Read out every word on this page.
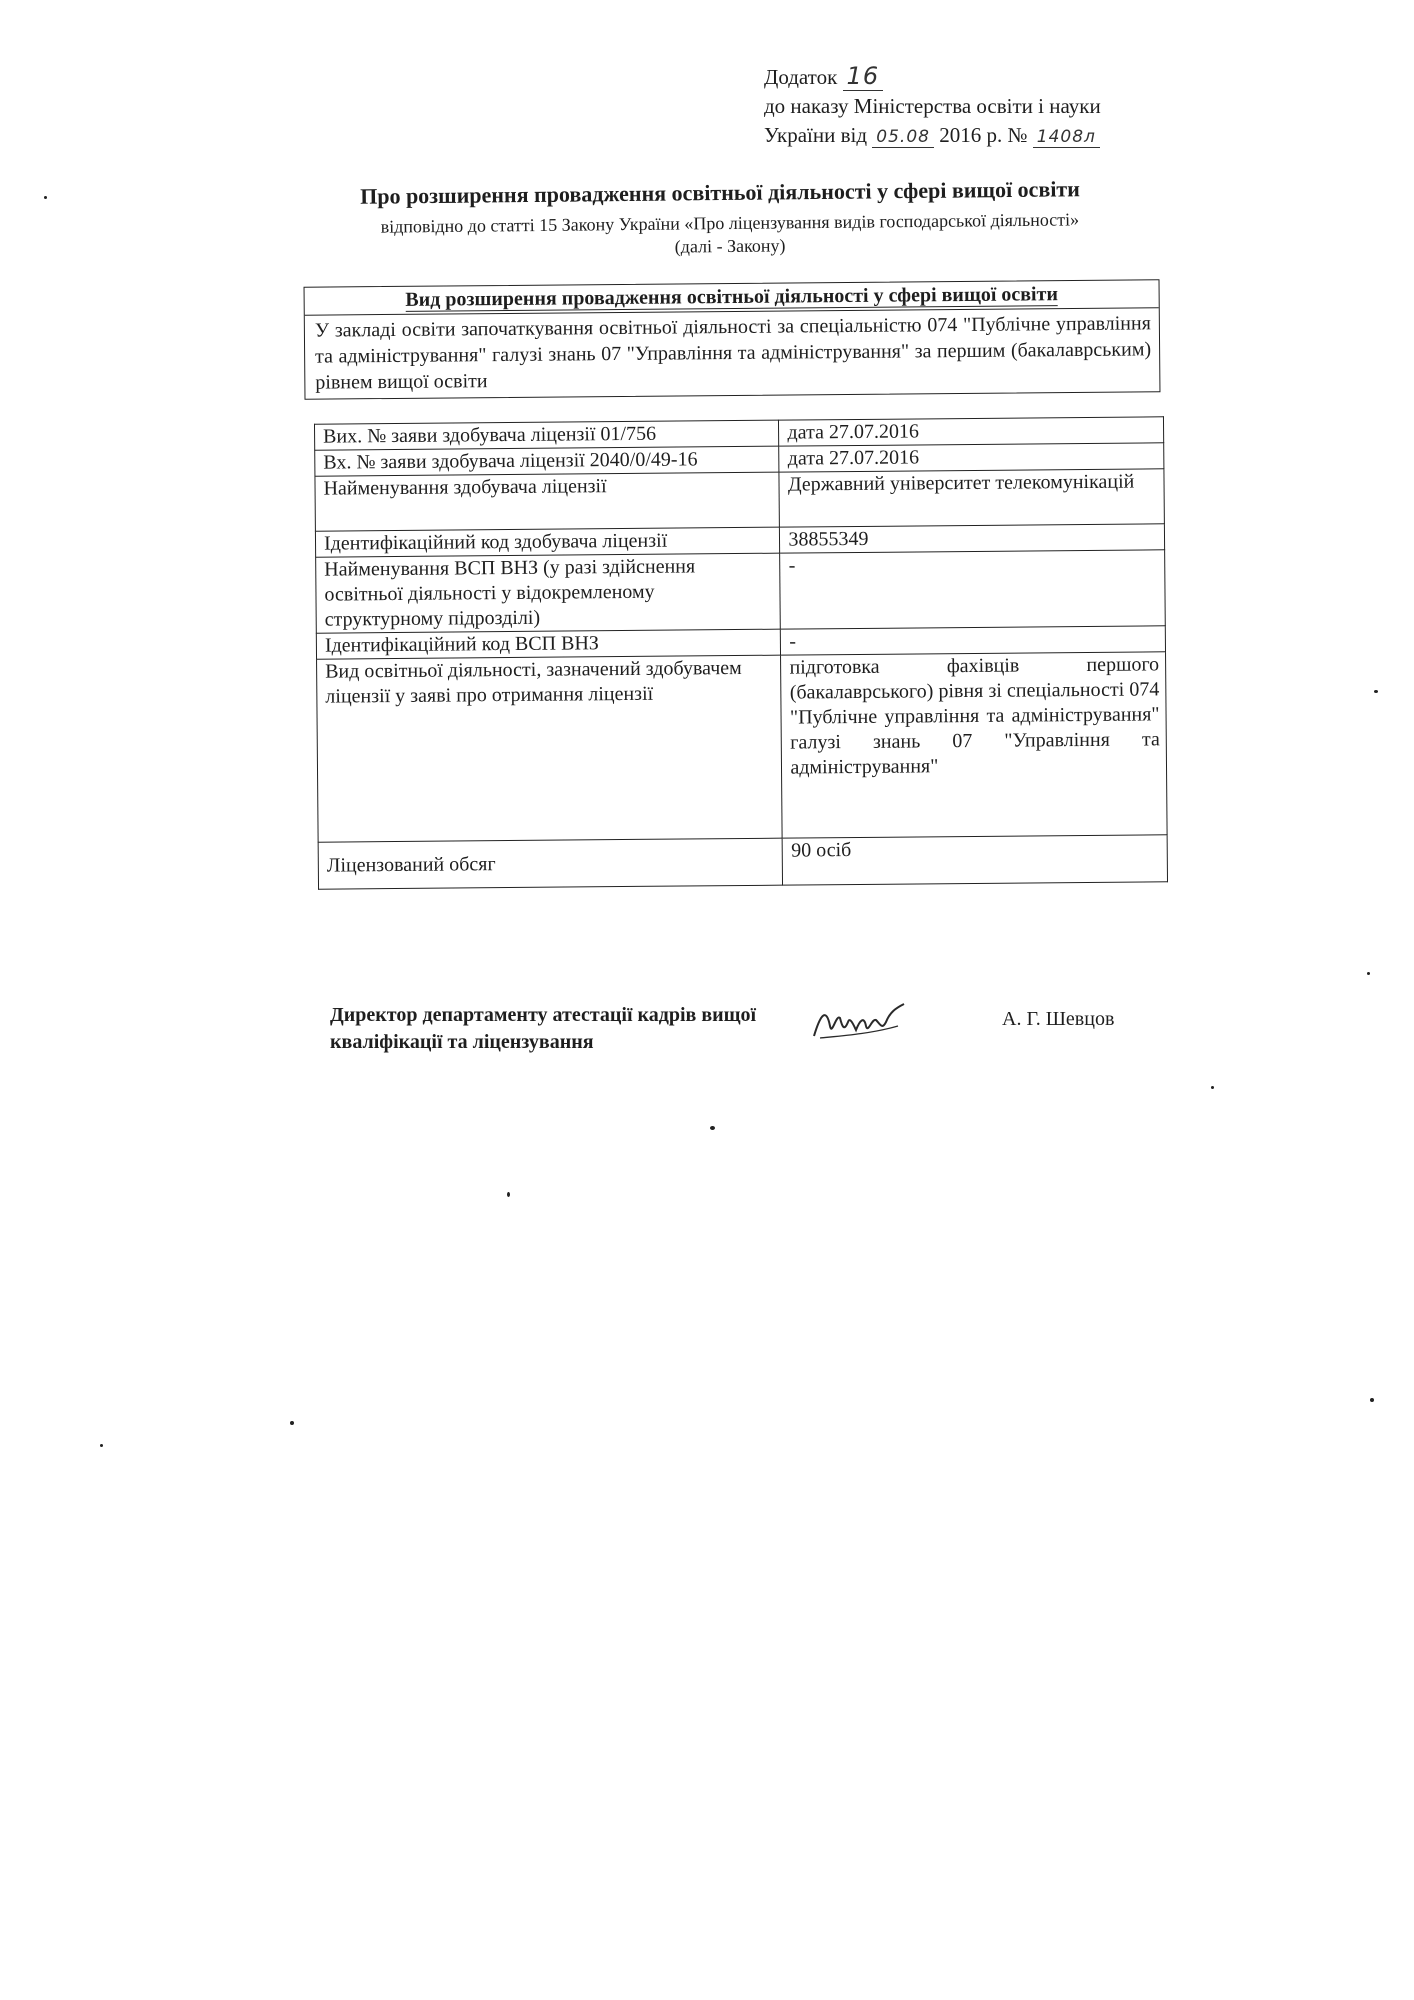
Додаток 16
до наказу Міністерства освіти і науки
України від 05.08 2016 р. № 1408л
Про розширення провадження освітньої діяльності у сфері вищої освіти
відповідно до статті 15 Закону України «Про ліцензування видів господарської діяльності» (далі - Закону)
Вид розширення провадження освітньої діяльності у сфері вищої освіти
У закладі освіти започаткування освітньої діяльності за спеціальністю 074 "Публічне управління та адміністрування" галузі знань 07 "Управління та адміністрування" за першим (бакалаврським) рівнем вищої освіти
Вих. № заяви здобувача ліцензії 01/756	дата 27.07.2016
Вх. № заяви здобувача ліцензії 2040/0/49-16	дата 27.07.2016
Найменування здобувача ліцензії	Державний університет телекомунікацій
Ідентифікаційний код здобувача ліцензії	38855349
Найменування ВСП ВНЗ (у разі здійснення освітньої діяльності у відокремленому структурному підрозділі)	-
Ідентифікаційний код ВСП ВНЗ	-
Вид освітньої діяльності, зазначений здобувачем ліцензії у заяві про отримання ліцензії	підготовка фахівців першого (бакалаврського) рівня зі спеціальності 074 "Публічне управління та адміністрування" галузі знань 07 "Управління та адміністрування"
Ліцензований обсяг	90 осіб
Директор департаменту атестації кадрів вищої кваліфікації та ліцензування
А. Г. Шевцов
